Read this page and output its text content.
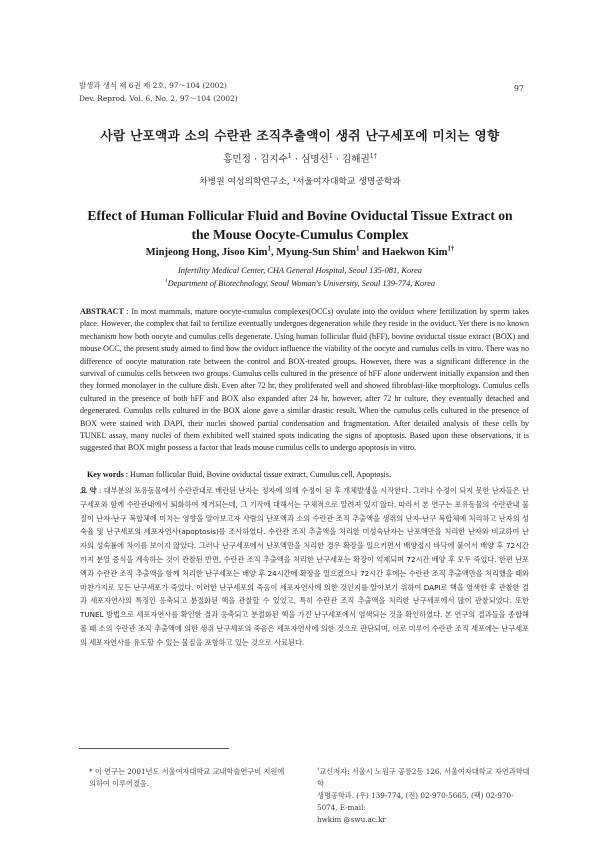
발생과 생식 제 6권 제 2호, 97～104 (2002)
Dev. Reprod. Vol. 6, No. 2, 97～104 (2002)
97
사람 난포액과 소의 수란관 조직추출액이 생쥐 난구세포에 미치는 영향
홍민정 · 김지수$^1$ · 심명선$^1$ · 김해권$^{1\dagger}$
차병원 여성의학연구소, ¹서울여자대학교 생명공학과
Effect of Human Follicular Fluid and Bovine Oviductal Tissue Extract on
the Mouse Oocyte-Cumulus Complex
Minjeong Hong, Jisoo Kim$^1$, Myung-Sun Shim$^1$ and Haekwon Kim$^{1\dagger}$
Infertility Medical Center, CHA General Hospital, Seoul 135-081, Korea
$^1$Department of Biotechnology, Seoul Woman's University, Seoul 139-774, Korea
ABSTRACT : In most mammals, mature oocyte-cumulus complexes(OCCs) ovulate into the oviduct where fertilization by sperm takes place. However, the complex that fail to fertilize eventually undergoes degeneration while they reside in the oviduct. Yet there is no known mechanism how both oocyte and cumulus cells degenerate. Using human follicular fluid (hFF), bovine oviductal tissue extract (BOX) and mouse OCC, the present study aimed to find how the oviduct influence the viability of the oocyte and cumulus cells in vitro. There was no difference of oocyte maturation rate between the control and BOX-treated groups. However, there was a significant difference in the survival of cumulus cells between two groups. Cumulus cells cultured in the presence of hFF alone underwent initially expansion and then they formed monolayer in the culture dish. Even after 72 hr, they proliferated well and showed fibroblast-like morphology. Cumulus cells cultured in the presence of both hFF and BOX also expanded after 24 hr, however, after 72 hr culture, they eventually detached and degenerated. Cumulus cells cultured in the BOX alone gave a similar drastic result. When the cumulus cells cultured in the presence of BOX were stained with DAPI, their nuclei showed partial condensation and fragmentation. After detailed analysis of these cells by TUNEL assay, many nuclei of them exhibited well stained spots indicating the signs of apoptosis. Based upon these observations, it is suggested that BOX might possess a factor that leads mouse cumulus cells to undergo apoptosis in vitro.
Key words : Human follicular fluid, Bovine oviductal tissue extract, Cumulus cell, Apoptosis.
요 약 : 대부분의 포유동물에서 수란관내로 배란된 난자는 정자에 의해 수정이 된 후 개체발생을 시작한다. 그러나 수정이 되지 못한 난자들은 난구세포와 함께 수란관내에서 퇴화하여 제거되는데, 그 기작에 대해서는 구체적으로 알려져 있지 않다. 따라서 본 연구는 포유동물의 수란관내 물질이 난자-난구 복합체에 미치는 영향을 알아보고자 사람의 난포액과 소의 수란관 조직 추출액을 생쥐의 난자-난구 복합체에 처리하고 난자의 성숙율 및 난구세포의 세포자연사(apoptosis)를 조사하였다. 수란관 조직 추출액을 처리한 미성숙난자는 난포액만을 처리한 난자와 비교하여 난자의 성숙률에 차이를 보이지 않았다. 그러나 난구세포에서 난포액만을 처리한 경우 확장을 일으키면서 배양접시 바닥에 붙어서 배양 후 72시간까지 분열 증식을 계속하는 것이 관찰된 반면, 수란관 조직 추출액을 처리한 난구세포는 확장이 억제되며 72시간 배양 후 모두 죽었다. 한편 난포액과 수란관 조직 추출액을 함께 처리한 난구세포는 배양 후 24시간에 확장을 일으켰으나 72시간 후에는 수란관 조직 추출액만을 처리했을 때와 마찬가지로 모든 난구세포가 죽었다. 이러한 난구세포의 죽음이 세포자연사에 의한 것인지를 알아보기 위하여 DAPI로 핵을 염색한 후 관찰한 결과 세포자연사의 특징인 응축되고 분절화된 핵을 관찰할 수 있었고, 특히 수란관 조직 추출액을 처리한 난구세포에서 많이 관찰되었다. 또한 TUNEL 방법으로 세포자연사를 확인한 결과 응축되고 분절화된 핵을 가진 난구세포에서 염색되는 것을 확인하였다. 본 연구의 결과들을 종합해 볼 때 소의 수란관 조직 추출액에 의한 생쥐 난구세포의 죽음은 세포자연사에 의한 것으로 판단되며, 이로 미루어 수란관 조직 세포에는 난구세포의 세포자연사를 유도할 수 있는 물질을 포함하고 있는 것으로 사료된다.
* 이 연구는 2001년도 서울여자대학교 교내학술연구비 지원에 의하여 이루어졌음.
†교신저자: 서울시 노원구 공릉2동 126, 서울여자대학교 자연과학대학
생명공학과. (우) 139-774, (전) 02-970-5665, (팩) 02-970-5074, E-mail:
hwkim @swu.ac.kr
